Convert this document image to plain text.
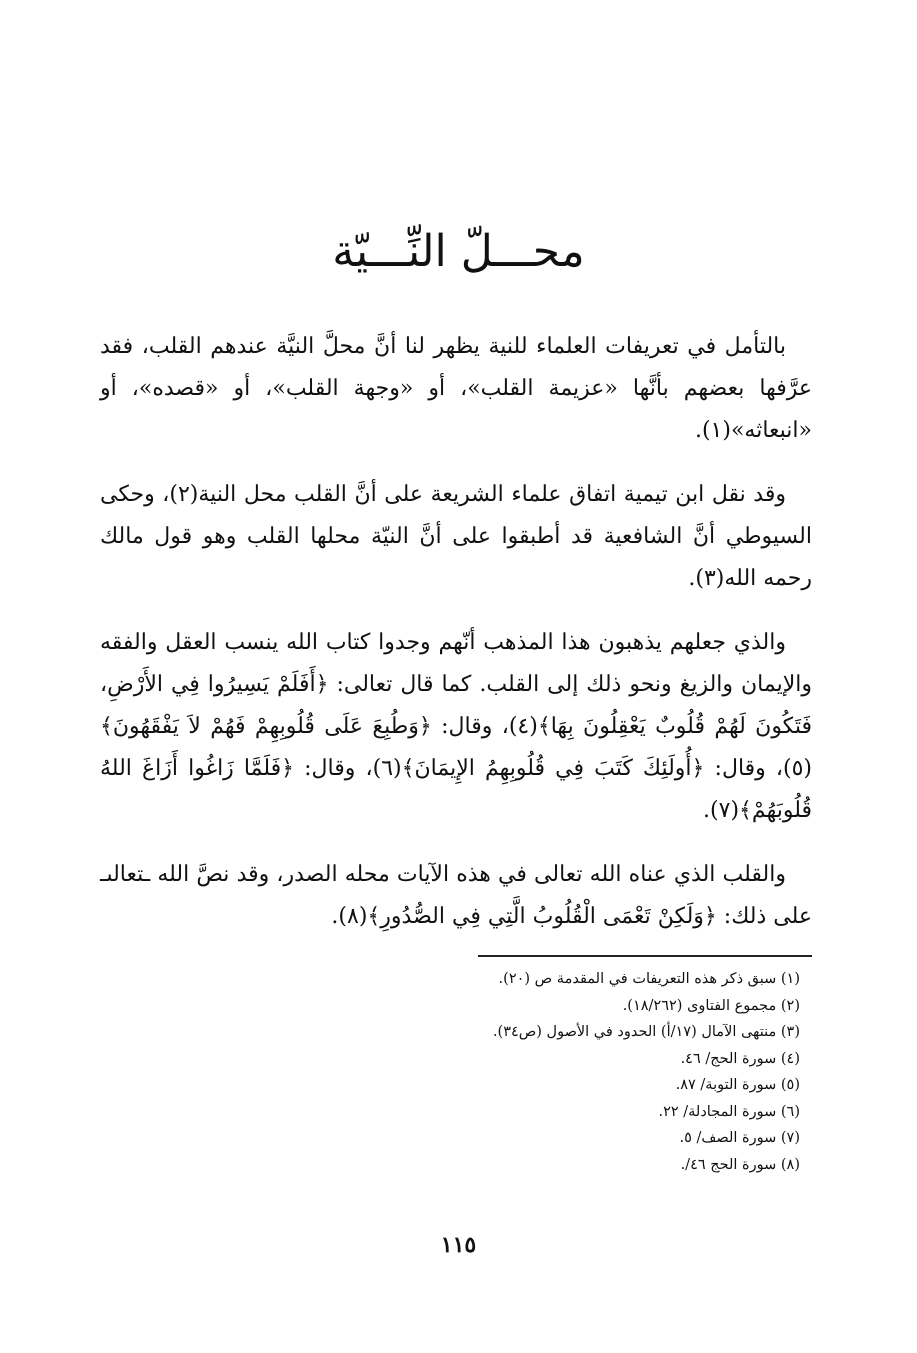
محـــلّ النِّـــيّة

بالتأمل في تعريفات العلماء للنية يظهر لنا أنَّ محلَّ النيَّة عندهم القلب، فقد عرَّفها بعضهم بأنَّها «عزيمة القلب»، أو «وجهة القلب»، أو «قصده»، أو «انبعاثه»(١).

وقد نقل ابن تيمية اتفاق علماء الشريعة على أنَّ القلب محل النية(٢)، وحكى السيوطي أنَّ الشافعية قد أطبقوا على أنَّ النيّة محلها القلب وهو قول مالك رحمه الله(٣).

والذي جعلهم يذهبون هذا المذهب أنّهم وجدوا كتاب الله ينسب العقل والفقه والإيمان والزيغ ونحو ذلك إلى القلب. كما قال تعالى: ﴿أَفَلَمْ يَسِيرُوا فِي الأَرْضِ، فَتَكُونَ لَهُمْ قُلُوبٌ يَعْقِلُونَ بِهَا﴾(٤)، وقال: ﴿وَطُبِعَ عَلَى قُلُوبِهِمْ فَهُمْ لاَ يَفْقَهُونَ﴾(٥)، وقال: ﴿أُولَئِكَ كَتَبَ فِي قُلُوبِهِمُ الإِيمَانَ﴾(٦)، وقال: ﴿فَلَمَّا زَاغُوا أَزَاغَ اللهُ قُلُوبَهُمْ﴾(٧).

والقلب الذي عناه الله تعالى في هذه الآيات محله الصدر، وقد نصَّ الله ـتعالىـ على ذلك: ﴿وَلَكِنْ تَعْمَى الْقُلُوبُ الَّتِي فِي الصُّدُورِ﴾(٨).

(١) سبق ذكر هذه التعريفات في المقدمة ص (٢٠).
(٢) مجموع الفتاوى (١٨/٢٦٢).
(٣) منتهى الآمال (١٧/أ) الحدود في الأصول (ص٣٤).
(٤) سورة الحج/ ٤٦.
(٥) سورة التوبة/ ٨٧.
(٦) سورة المجادلة/ ٢٢.
(٧) سورة الصف/ ٥.
(٨) سورة الحج ٤٦/.
١١٥
